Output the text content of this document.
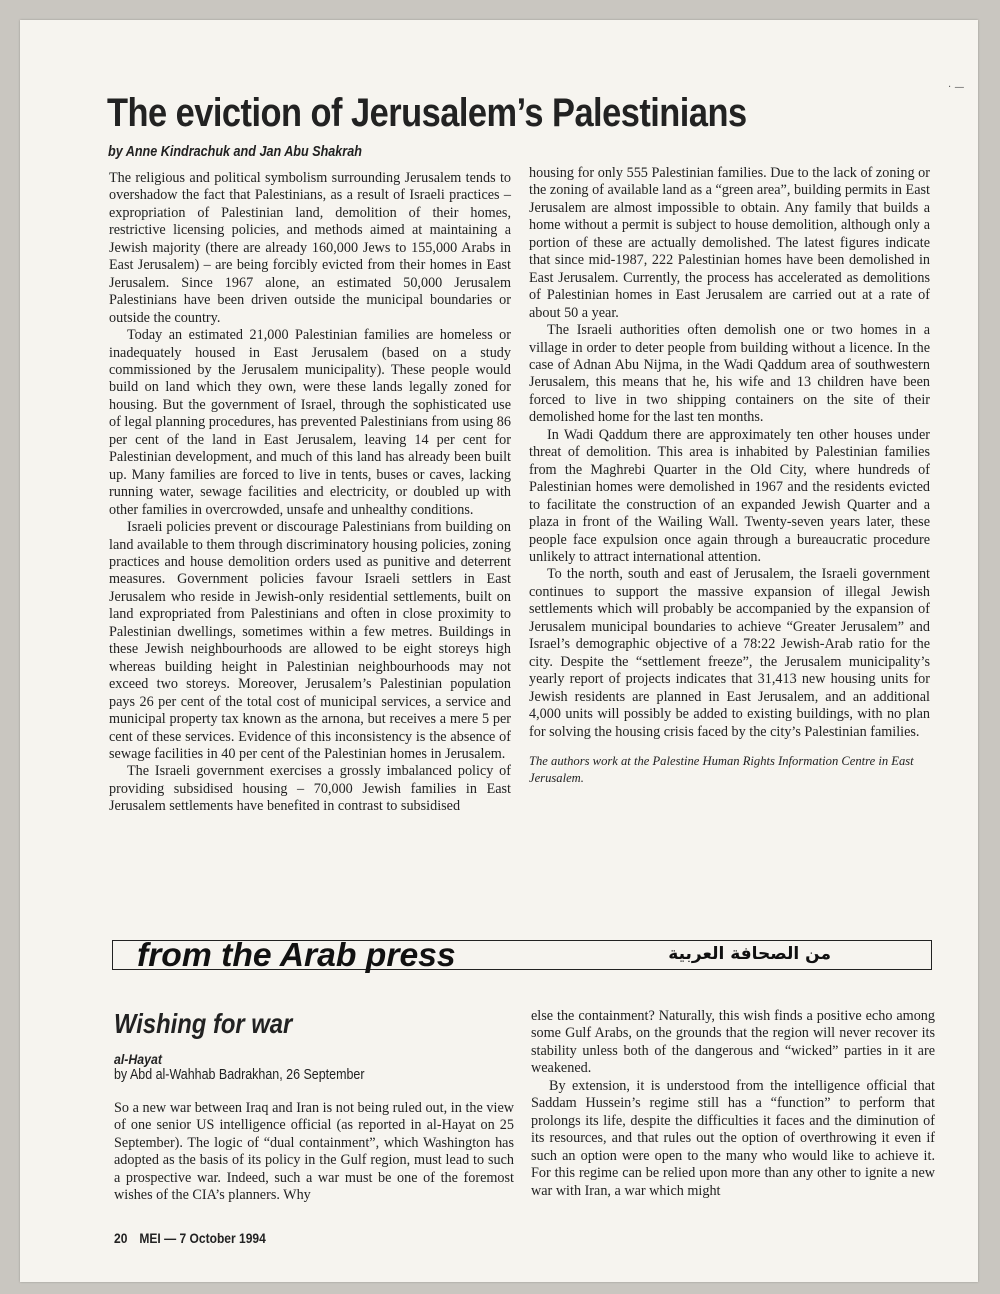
· —
The eviction of Jerusalem’s Palestinians
by Anne Kindrachuk and Jan Abu Shakrah

The religious and political symbolism surrounding Jerusalem tends to overshadow the fact that Palestinians, as a result of Israeli practices – expropriation of Palestinian land, demolition of their homes, restrictive licensing policies, and methods aimed at maintaining a Jewish majority (there are already 160,000 Jews to 155,000 Arabs in East Jerusalem) – are being forcibly evicted from their homes in East Jerusalem. Since 1967 alone, an estimated 50,000 Jerusalem Palestinians have been driven outside the municipal boundaries or outside the country.

Today an estimated 21,000 Palestinian families are homeless or inadequately housed in East Jerusalem (based on a study commissioned by the Jerusalem municipality). These people would build on land which they own, were these lands legally zoned for housing. But the government of Israel, through the sophisticated use of legal planning procedures, has prevented Palestinians from using 86 per cent of the land in East Jerusalem, leaving 14 per cent for Palestinian development, and much of this land has already been built up. Many families are forced to live in tents, buses or caves, lacking running water, sewage facilities and electricity, or doubled up with other families in overcrowded, unsafe and unhealthy conditions.

Israeli policies prevent or discourage Palestinians from building on land available to them through discriminatory housing policies, zoning practices and house demolition orders used as punitive and deterrent measures. Government policies favour Israeli settlers in East Jerusalem who reside in Jewish-only residential settlements, built on land expropriated from Palestinians and often in close proximity to Palestinian dwellings, sometimes within a few metres. Buildings in these Jewish neighbourhoods are allowed to be eight storeys high whereas building height in Palestinian neighbourhoods may not exceed two storeys. Moreover, Jerusalem’s Palestinian population pays 26 per cent of the total cost of municipal services, a service and municipal property tax known as the arnona, but receives a mere 5 per cent of these services. Evidence of this inconsistency is the absence of sewage facilities in 40 per cent of the Palestinian homes in Jerusalem.

The Israeli government exercises a grossly imbalanced policy of providing subsidised housing – 70,000 Jewish families in East Jerusalem settlements have benefited in contrast to subsidised

housing for only 555 Palestinian families. Due to the lack of zoning or the zoning of available land as a “green area”, building permits in East Jerusalem are almost impossible to obtain. Any family that builds a home without a permit is subject to house demolition, although only a portion of these are actually demolished. The latest figures indicate that since mid-1987, 222 Palestinian homes have been demolished in East Jerusalem. Currently, the process has accelerated as demolitions of Palestinian homes in East Jerusalem are carried out at a rate of about 50 a year.

The Israeli authorities often demolish one or two homes in a village in order to deter people from building without a licence. In the case of Adnan Abu Nijma, in the Wadi Qaddum area of southwestern Jerusalem, this means that he, his wife and 13 children have been forced to live in two shipping containers on the site of their demolished home for the last ten months.

In Wadi Qaddum there are approximately ten other houses under threat of demolition. This area is inhabited by Palestinian families from the Maghrebi Quarter in the Old City, where hundreds of Palestinian homes were demolished in 1967 and the residents evicted to facilitate the construction of an expanded Jewish Quarter and a plaza in front of the Wailing Wall. Twenty-seven years later, these people face expulsion once again through a bureaucratic procedure unlikely to attract international attention.

To the north, south and east of Jerusalem, the Israeli government continues to support the massive expansion of illegal Jewish settlements which will probably be accompanied by the expansion of Jerusalem municipal boundaries to achieve “Greater Jerusalem” and Israel’s demographic objective of a 78:22 Jewish-Arab ratio for the city. Despite the “settlement freeze”, the Jerusalem municipality’s yearly report of projects indicates that 31,413 new housing units for Jewish residents are planned in East Jerusalem, and an additional 4,000 units will possibly be added to existing buildings, with no plan for solving the housing crisis faced by the city’s Palestinian families.

The authors work at the Palestine Human Rights Information Centre in East Jerusalem.

from the Arab press	من الصحافة العربية
Wishing for war
al-Hayat
by Abd al-Wahhab Badrakhan, 26 September

So a new war between Iraq and Iran is not being ruled out, in the view of one senior US intelligence official (as reported in al-Hayat on 25 September). The logic of “dual containment”, which Washington has adopted as the basis of its policy in the Gulf region, must lead to such a prospective war. Indeed, such a war must be one of the foremost wishes of the CIA’s planners. Why

else the containment? Naturally, this wish finds a positive echo among some Gulf Arabs, on the grounds that the region will never recover its stability unless both of the dangerous and “wicked” parties in it are weakened.

By extension, it is understood from the intelligence official that Saddam Hussein’s regime still has a “function” to perform that prolongs its life, despite the difficulties it faces and the diminution of its resources, and that rules out the option of overthrowing it even if such an option were open to the many who would like to achieve it. For this regime can be relied upon more than any other to ignite a new war with Iran, a war which might

20 MEI — 7 October 1994
